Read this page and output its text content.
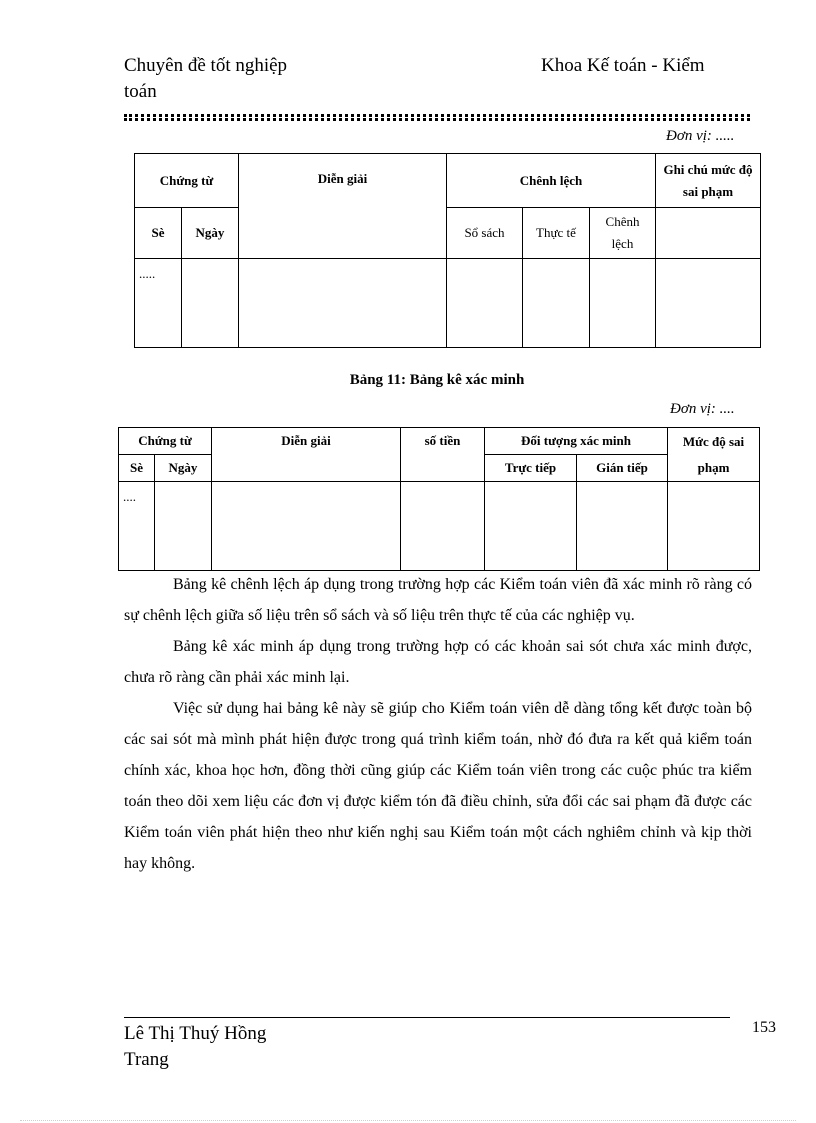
Chuyên đề tốt nghiệp
toán
Khoa Kế toán - Kiểm
Đơn vị: .....
Chứng từ		Diễn giải	Chênh lệch			Ghi chú mức độ sai phạm
Sè	Ngày		Sổ sách	Thực tế	Chênh lệch	
.....						
Bảng 11: Bảng kê xác minh
Đơn vị: ....
Chứng từ		Diễn giải	số tiền	Đối tượng xác minh		Mức độ sai phạm
Sè	Ngày			Trực tiếp	Gián tiếp	
....						

Bảng kê chênh lệch áp dụng trong trường hợp các Kiểm toán viên đã xác minh rõ ràng có sự chênh lệch giữa số liệu trên sổ sách và số liệu trên thực tế của các nghiệp vụ.

Bảng kê xác minh áp dụng trong trường hợp có các khoản sai sót chưa xác minh được, chưa rõ ràng cần phải xác minh lại.

Việc sử dụng hai bảng kê này sẽ giúp cho Kiểm toán viên dễ dàng tổng kết được toàn bộ các sai sót mà mình phát hiện được trong quá trình kiểm toán, nhờ đó đưa ra kết quả kiểm toán chính xác, khoa học hơn, đồng thời cũng giúp các Kiểm toán viên trong các cuộc phúc tra kiểm toán theo dõi xem liệu các đơn vị được kiểm tón đã điều chỉnh, sửa đổi các sai phạm đã được các Kiểm toán viên phát hiện theo như kiến nghị sau Kiểm toán một cách nghiêm chỉnh và kịp thời hay không.

Lê Thị Thuý Hồng
Trang
153
